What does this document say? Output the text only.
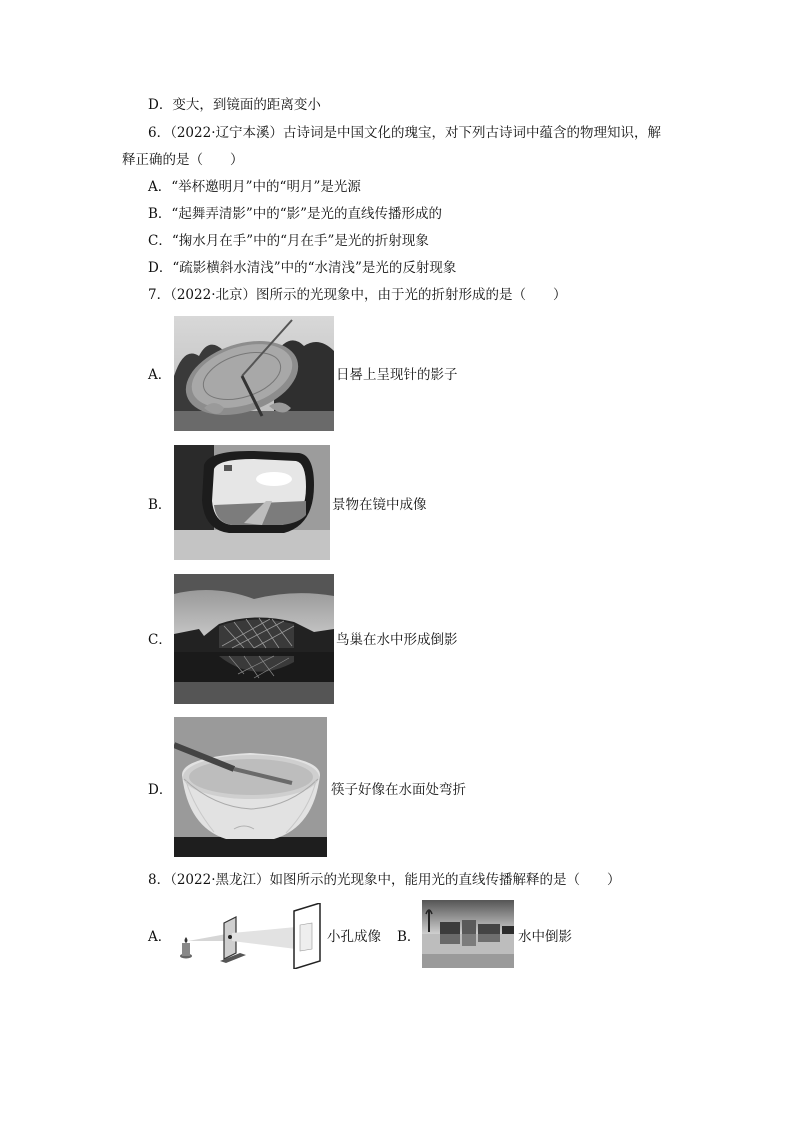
D．变大，到镜面的距离变小
6．（2022·辽宁本溪）古诗词是中国文化的瑰宝，对下列古诗词中蕴含的物理知识，解
释正确的是（　　）
A．“举杯邀明月”中的“明月”是光源
B．“起舞弄清影”中的“影”是光的直线传播形成的
C．“掬水月在手”中的“月在手”是光的折射现象
D．“疏影横斜水清浅”中的“水清浅”是光的反射现象
7．（2022·北京）图所示的光现象中，由于光的折射形成的是（　　）
A．	日晷上呈现针的影子
B．	景物在镜中成像
C．	鸟巢在水中形成倒影
D．	筷子好像在水面处弯折
8．（2022·黑龙江）如图所示的光现象中，能用光的直线传播解释的是（　　）
A．	小孔成像 B．	水中倒影
